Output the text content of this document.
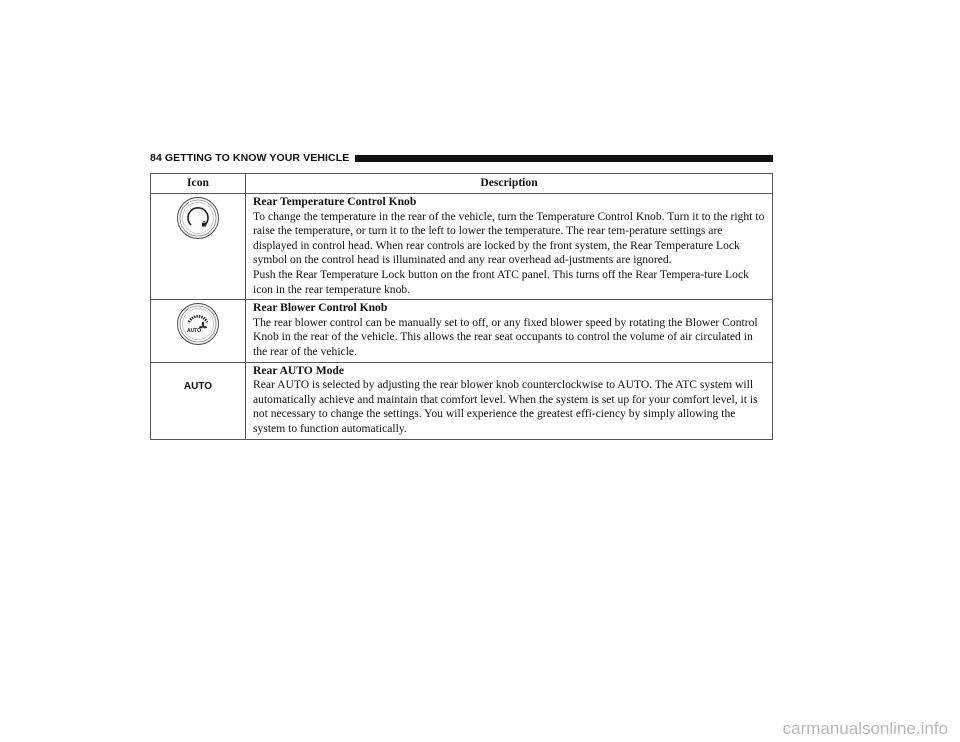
84 GETTING TO KNOW YOUR VEHICLE
Icon	Description

Rear Temperature Control Knob
To change the temperature in the rear of the vehicle, turn the Temperature Control Knob. Turn it to the right to raise the temperature, or turn it to the left to lower the temperature. The rear tem-perature settings are displayed in control head. When rear controls are locked by the front system, the Rear Temperature Lock symbol on the control head is illuminated and any rear overhead ad-justments are ignored.
Push the Rear Temperature Lock button on the front ATC panel. This turns off the Rear Tempera-ture Lock icon in the rear temperature knob.

AUTO	Rear Blower Control Knob
The rear blower control can be manually set to off, or any fixed blower speed by rotating the Blower Control Knob in the rear of the vehicle. This allows the rear seat occupants to control the volume of air circulated in the rear of the vehicle.

AUTO	Rear AUTO Mode
Rear AUTO is selected by adjusting the rear blower knob counterclockwise to AUTO. The ATC system will automatically achieve and maintain that comfort level. When the system is set up for your comfort level, it is not necessary to change the settings. You will experience the greatest effi-ciency by simply allowing the system to function automatically.
carmanualsonline.info
